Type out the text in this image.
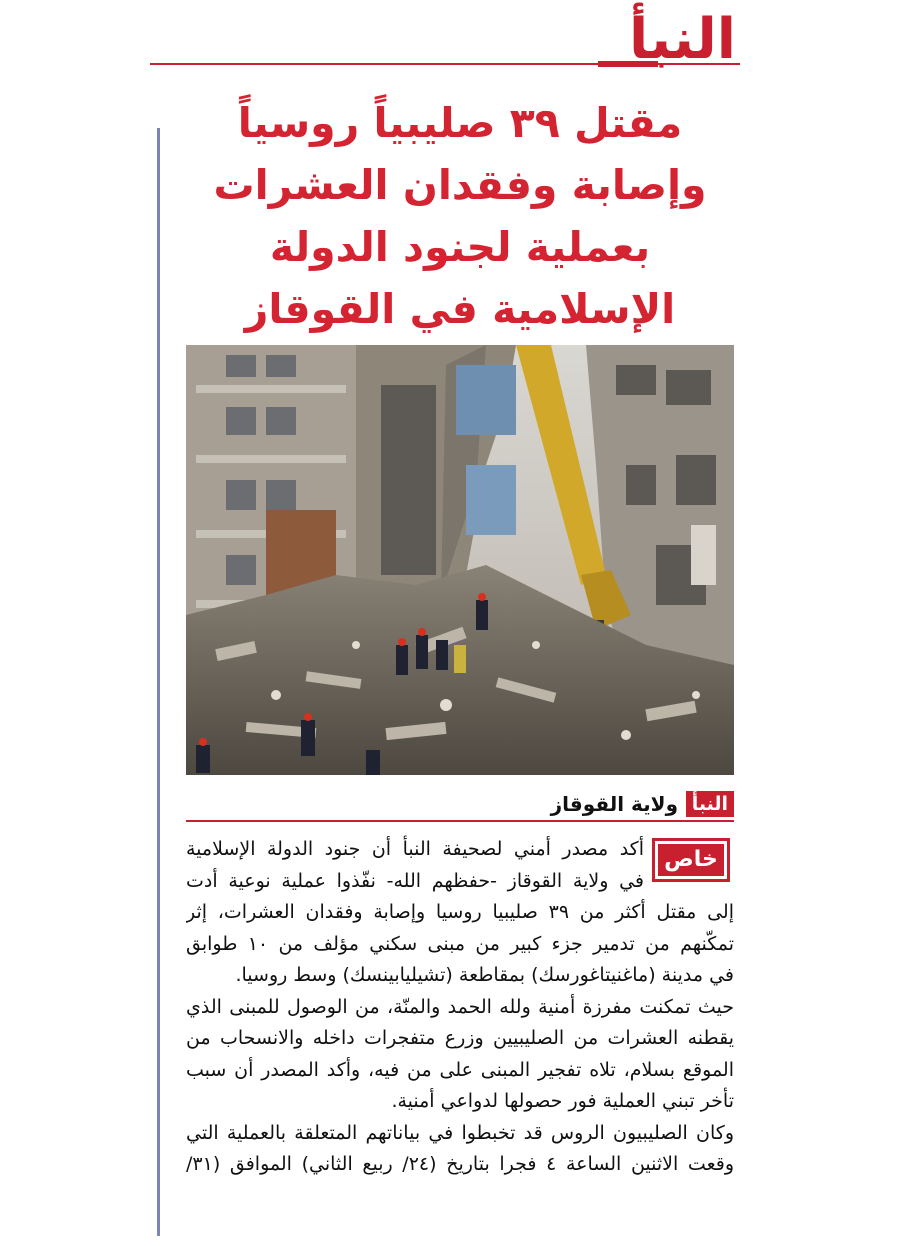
النبأ
مقتل ٣٩ صليبياً روسياً
وإصابة وفقدان العشرات
بعملية لجنود الدولة
الإسلامية في القوقاز
النبأ
ولاية القوقاز
أكد مصدر أمني لصحيفة النبأ أن جنود الدولة الإسلامية
في ولاية القوقاز -حفظهم الله- نفّذوا عملية نوعية أدت
إلى مقتل أكثر من ٣٩ صليبيا روسيا وإصابة وفقدان العشرات، إثر
تمكّنهم من تدمير جزء كبير من مبنى سكني مؤلف من ١٠ طوابق
في مدينة (ماغنيتاغورسك) بمقاطعة (تشيليابينسك) وسط روسيا.
حيث تمكنت مفرزة أمنية ولله الحمد والمنّة، من الوصول للمبنى الذي
يقطنه العشرات من الصليبيين وزرع متفجرات داخله والانسحاب من
الموقع بسلام، تلاه تفجير المبنى على من فيه، وأكد المصدر أن سبب
تأخر تبني العملية فور حصولها لدواعي أمنية.
وكان الصليبيون الروس قد تخبطوا في بياناتهم المتعلقة بالعملية التي
وقعت الاثنين الساعة ٤ فجرا بتاريخ (٢٤/ ربيع الثاني) الموافق (٣١/
خاص
